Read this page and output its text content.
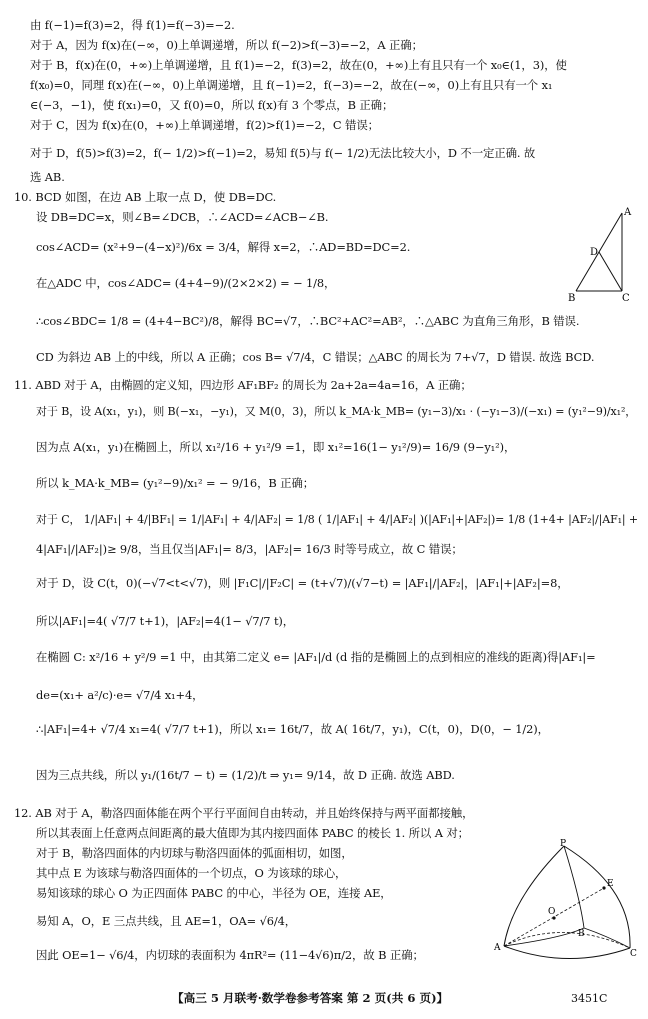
由 f(−1)=f(3)=2，得 f(1)=f(−3)=−2.
对于 A，因为 f(x)在(−∞，0)上单调递增，所以 f(−2)>f(−3)=−2，A 正确；
对于 B，f(x)在(0，+∞)上单调递增，且 f(1)=−2，f(3)=2，故在(0，+∞)上有且只有一个 x₀∈(1，3)，使
f(x₀)=0，同理 f(x)在(−∞，0)上单调递增，且 f(−1)=2，f(−3)=−2，故在(−∞，0)上有且只有一个 x₁
∈(−3，−1)，使 f(x₁)=0，又 f(0)=0，所以 f(x)有 3 个零点，B 正确；
对于 C，因为 f(x)在(0，+∞)上单调递增，f(2)>f(1)=−2，C 错误；
对于 D，f(5)>f(3)=2，f(− 1/2)>f(−1)=2，易知 f(5)与 f(− 1/2)无法比较大小，D 不一定正确. 故
选 AB.
10. BCD 如图，在边 AB 上取一点 D，使 DB=DC.
设 DB=DC=x，则∠B=∠DCB，∴∠ACD=∠ACB−∠B.
cos∠ACD= (x²+9−(4−x)²)/6x = 3/4，解得 x=2，∴AD=BD=DC=2.
在△ADC 中，cos∠ADC= (4+4−9)/(2×2×2) = − 1/8，
∴cos∠BDC= 1/8 = (4+4−BC²)/8，解得 BC=√7，∴BC²+AC²=AB²，∴△ABC 为直角三角形，B 错误.
CD 为斜边 AB 上的中线，所以 A 正确；cos B= √7/4，C 错误；△ABC 的周长为 7+√7，D 错误. 故选 BCD.
11. ABD 对于 A，由椭圆的定义知，四边形 AF₁BF₂ 的周长为 2a+2a=4a=16，A 正确；
对于 B，设 A(x₁，y₁)，则 B(−x₁，−y₁)，又 M(0，3)，所以 k_MA·k_MB= (y₁−3)/x₁ · (−y₁−3)/(−x₁) = (y₁²−9)/x₁²，
因为点 A(x₁，y₁)在椭圆上，所以 x₁²/16 + y₁²/9 =1，即 x₁²=16(1− y₁²/9)= 16/9 (9−y₁²)，
所以 k_MA·k_MB= (y₁²−9)/x₁² = − 9/16，B 正确；
对于 C， 1/|AF₁| + 4/|BF₁| = 1/|AF₁| + 4/|AF₂| = 1/8 ( 1/|AF₁| + 4/|AF₂| )(|AF₁|+|AF₂|)= 1/8 (1+4+ |AF₂|/|AF₁| +
4|AF₁|/|AF₂|)≥ 9/8，当且仅当|AF₁|= 8/3，|AF₂|= 16/3 时等号成立，故 C 错误；
对于 D，设 C(t，0)(−√7<t<√7)，则 |F₁C|/|F₂C| = (t+√7)/(√7−t) = |AF₁|/|AF₂|，|AF₁|+|AF₂|=8，
所以|AF₁|=4( √7/7 t+1)，|AF₂|=4(1− √7/7 t)，
在椭圆 C: x²/16 + y²/9 =1 中，由其第二定义 e= |AF₁|/d (d 指的是椭圆上的点到相应的准线的距离)得|AF₁|=
de=(x₁+ a²/c)·e= √7/4 x₁+4，
∴|AF₁|=4+ √7/4 x₁=4( √7/7 t+1)，所以 x₁= 16t/7，故 A( 16t/7，y₁)，C(t，0)，D(0，− 1/2)，
因为三点共线，所以 y₁/(16t/7 − t) = (1/2)/t ⇒ y₁= 9/14，故 D 正确. 故选 ABD.
12. AB 对于 A，勒洛四面体能在两个平行平面间自由转动，并且始终保持与两平面都接触，
所以其表面上任意两点间距离的最大值即为其内接四面体 PABC 的棱长 1. 所以 A 对；
对于 B，勒洛四面体的内切球与勒洛四面体的弧面相切，如图，
其中点 E 为该球与勒洛四面体的一个切点，O 为该球的球心，
易知该球的球心 O 为正四面体 PABC 的中心，半径为 OE，连接 AE，
易知 A，O，E 三点共线，且 AE=1，OA= √6/4，
因此 OE=1− √6/4，内切球的表面积为 4πR²= (11−4√6)π/2，故 B 正确；
A
D
B	C
P
E
O
A
B
C
【高三 5 月联考·数学卷参考答案 第 2 页(共 6 页)】	3451C
